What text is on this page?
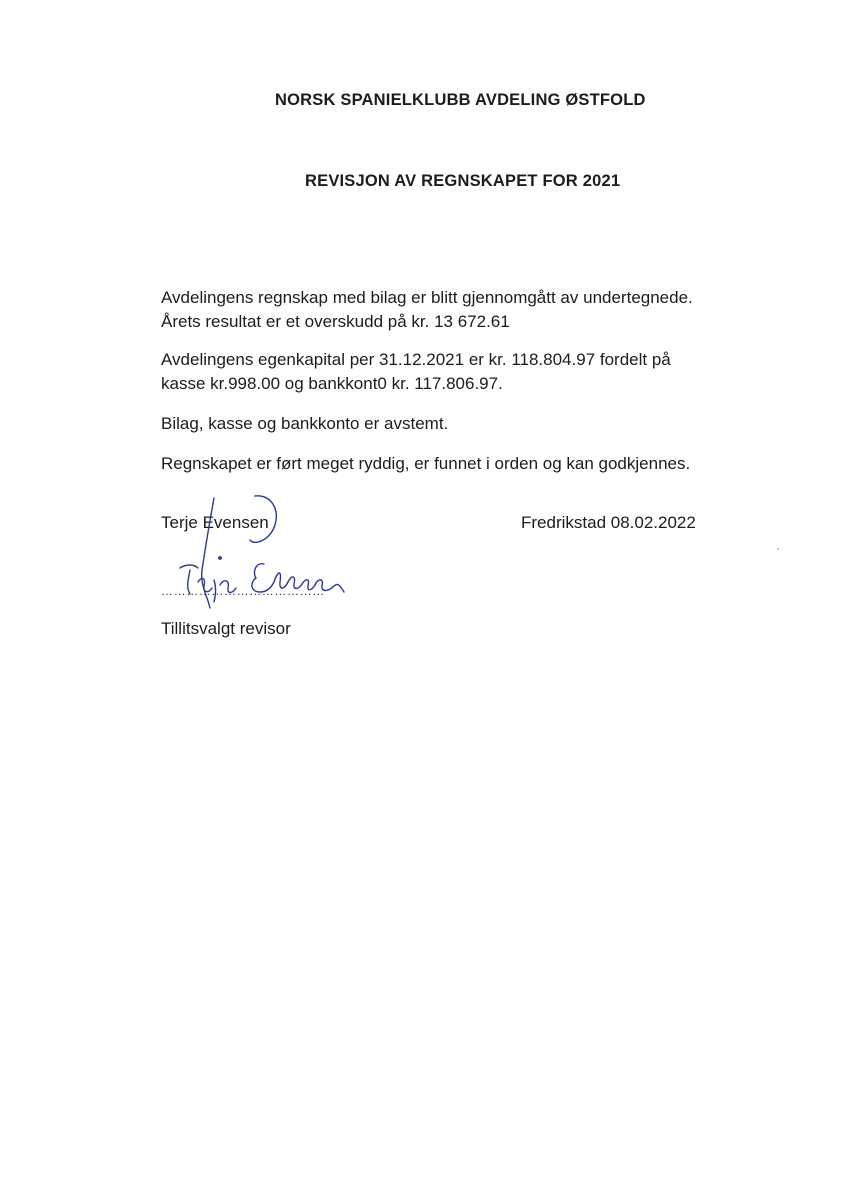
NORSK SPANIELKLUBB AVDELING ØSTFOLD
REVISJON AV REGNSKAPET FOR 2021
Avdelingens regnskap med bilag er blitt gjennomgått av undertegnede.
Årets resultat er et overskudd på kr. 13 672.61
Avdelingens egenkapital per 31.12.2021 er kr. 118.804.97 fordelt på
kasse kr.998.00 og bankkont0 kr. 117.806.97.
Bilag, kasse og bankkonto er avstemt.
Regnskapet er ført meget ryddig, er funnet i orden og kan godkjennes.
Terje Evensen	Fredrikstad 08.02.2022
…………………………………
Tillitsvalgt revisor
